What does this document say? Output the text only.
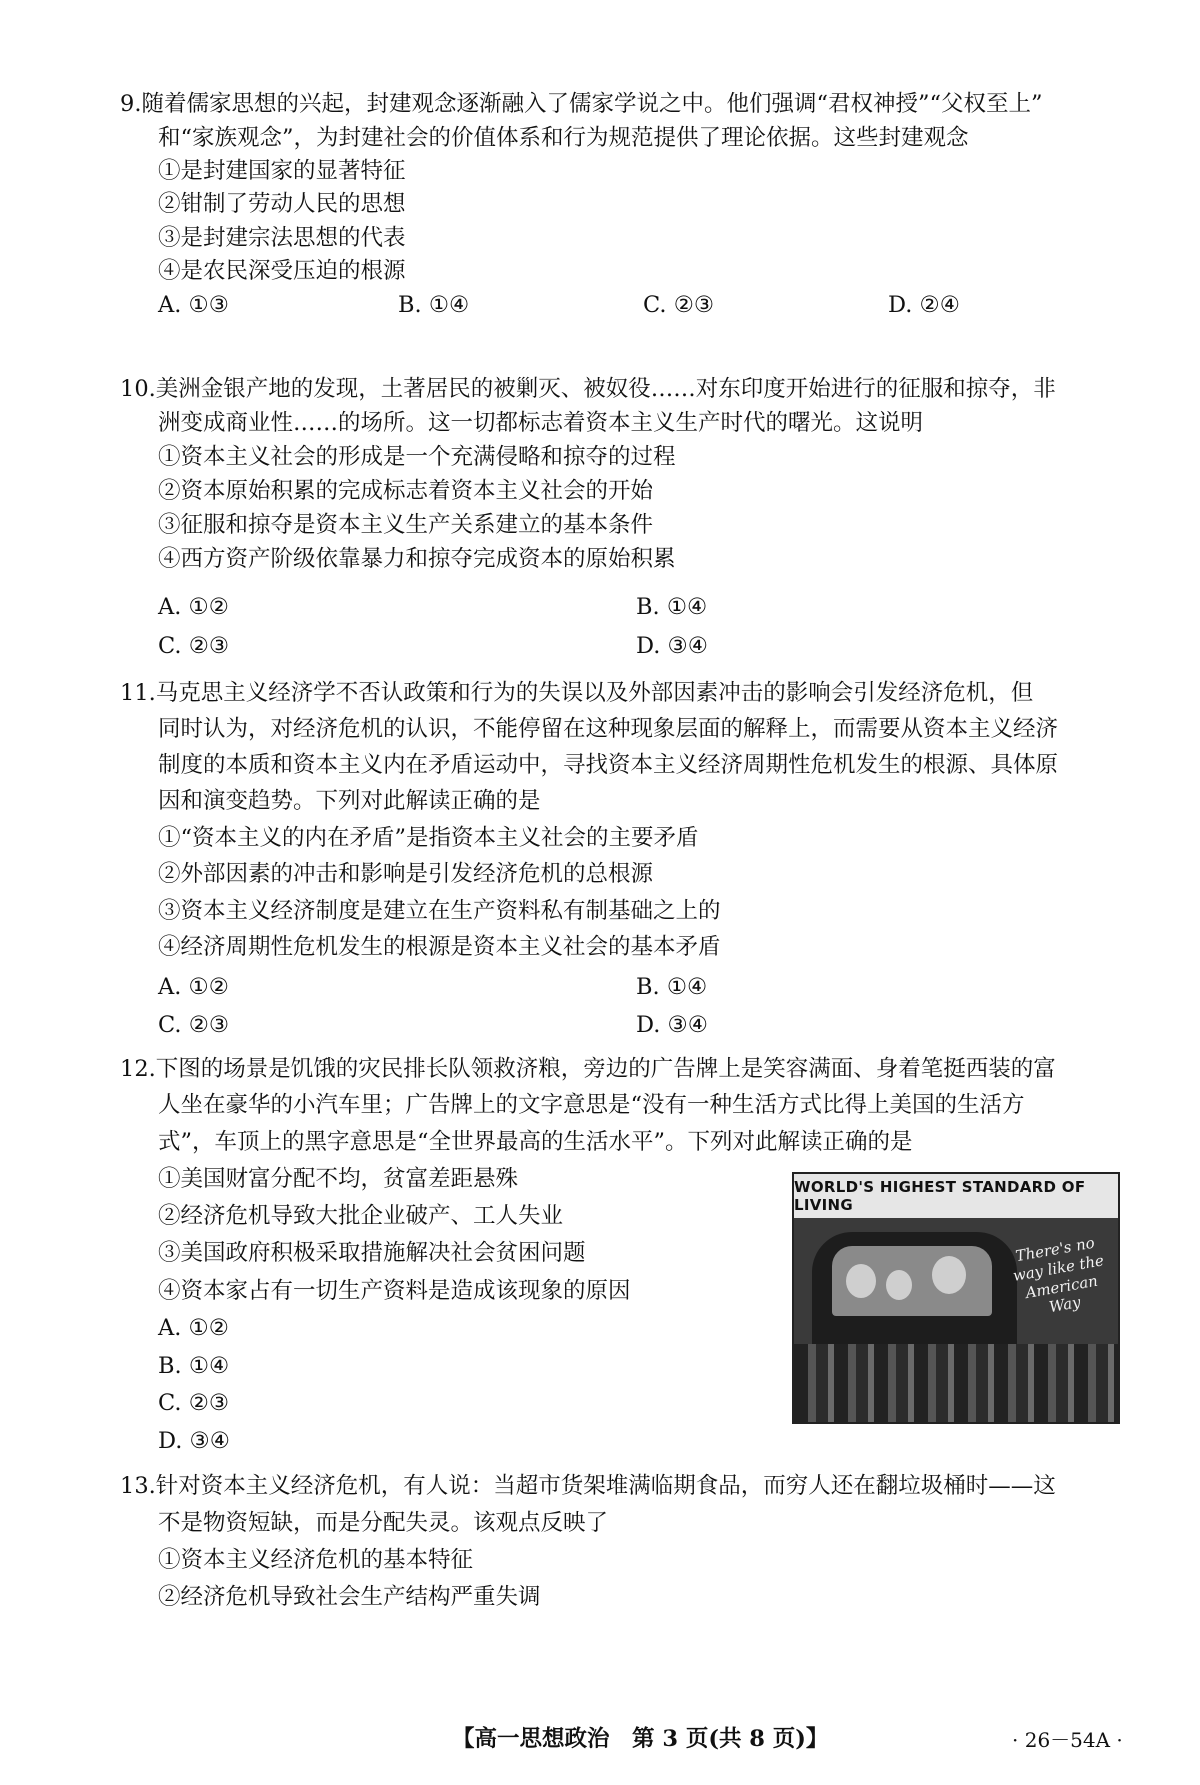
9.随着儒家思想的兴起，封建观念逐渐融入了儒家学说之中。他们强调“君权神授”“父权至上”
和“家族观念”，为封建社会的价值体系和行为规范提供了理论依据。这些封建观念
①是封建国家的显著特征
②钳制了劳动人民的思想
③是封建宗法思想的代表
④是农民深受压迫的根源
A. ①③	B. ①④	C. ②③	D. ②④
10.美洲金银产地的发现，土著居民的被剿灭、被奴役……对东印度开始进行的征服和掠夺，非
洲变成商业性……的场所。这一切都标志着资本主义生产时代的曙光。这说明
①资本主义社会的形成是一个充满侵略和掠夺的过程
②资本原始积累的完成标志着资本主义社会的开始
③征服和掠夺是资本主义生产关系建立的基本条件
④西方资产阶级依靠暴力和掠夺完成资本的原始积累
A. ①②	B. ①④
C. ②③	D. ③④
11.马克思主义经济学不否认政策和行为的失误以及外部因素冲击的影响会引发经济危机，但
同时认为，对经济危机的认识，不能停留在这种现象层面的解释上，而需要从资本主义经济
制度的本质和资本主义内在矛盾运动中，寻找资本主义经济周期性危机发生的根源、具体原
因和演变趋势。下列对此解读正确的是
①“资本主义的内在矛盾”是指资本主义社会的主要矛盾
②外部因素的冲击和影响是引发经济危机的总根源
③资本主义经济制度是建立在生产资料私有制基础之上的
④经济周期性危机发生的根源是资本主义社会的基本矛盾
A. ①②	B. ①④
C. ②③	D. ③④
12.下图的场景是饥饿的灾民排长队领救济粮，旁边的广告牌上是笑容满面、身着笔挺西装的富
人坐在豪华的小汽车里；广告牌上的文字意思是“没有一种生活方式比得上美国的生活方
式”，车顶上的黑字意思是“全世界最高的生活水平”。下列对此解读正确的是
①美国财富分配不均，贫富差距悬殊
②经济危机导致大批企业破产、工人失业
③美国政府积极采取措施解决社会贫困问题
④资本家占有一切生产资料是造成该现象的原因
A. ①②
B. ①④
C. ②③
D. ③④
WORLD'S HIGHEST STANDARD OF LIVING
There's no way like the American Way
13.针对资本主义经济危机，有人说：当超市货架堆满临期食品，而穷人还在翻垃圾桶时——这
不是物资短缺，而是分配失灵。该观点反映了
①资本主义经济危机的基本特征
②经济危机导致社会生产结构严重失调
【高一思想政治　第 3 页(共 8 页)】	· 26－54A ·
